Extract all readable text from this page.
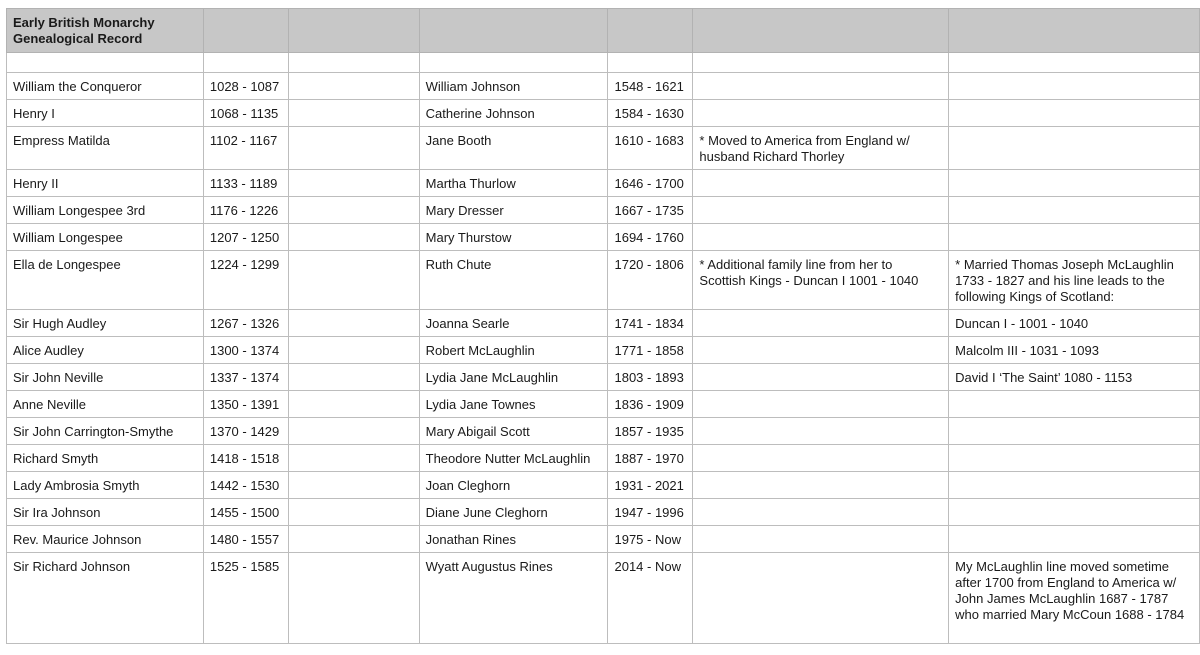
Early British Monarchy
Genealogical Record						

William the Conqueror	1028 - 1087		William Johnson	1548 - 1621		
Henry I	1068 - 1135		Catherine Johnson	1584 - 1630		
Empress Matilda	1102 - 1167		Jane Booth	1610 - 1683	* Moved to America from England w/ husband Richard Thorley	
Henry II	1133 - 1189		Martha Thurlow	1646 - 1700		
William Longespee 3rd	1176 - 1226		Mary Dresser	1667 - 1735		
William Longespee	1207 - 1250		Mary Thurstow	1694 - 1760		
Ella de Longespee	1224 - 1299		Ruth Chute	1720 - 1806	* Additional family line from her to Scottish Kings - Duncan I 1001 - 1040	* Married Thomas Joseph McLaughlin 1733 - 1827 and his line leads to the following Kings of Scotland:
Sir Hugh Audley	1267 - 1326		Joanna Searle	1741 - 1834		Duncan I - 1001 - 1040
Alice Audley	1300 - 1374		Robert McLaughlin	1771 - 1858		Malcolm III - 1031 - 1093
Sir John Neville	1337 - 1374		Lydia Jane McLaughlin	1803 - 1893		David I ‘The Saint’ 1080 - 1153
Anne Neville	1350 - 1391		Lydia Jane Townes	1836 - 1909		
Sir John Carrington-Smythe	1370 - 1429		Mary Abigail Scott	1857 - 1935		
Richard Smyth	1418 - 1518		Theodore Nutter McLaughlin	1887 - 1970		
Lady Ambrosia Smyth	1442 - 1530		Joan Cleghorn	1931 - 2021		
Sir Ira Johnson	1455 - 1500		Diane June Cleghorn	1947 - 1996		
Rev. Maurice Johnson	1480 - 1557		Jonathan Rines	1975 - Now		
Sir Richard Johnson	1525 - 1585		Wyatt Augustus Rines	2014 - Now		My McLaughlin line moved sometime after 1700 from England to America w/ John James McLaughlin 1687 - 1787 who married Mary McCoun 1688 - 1784
